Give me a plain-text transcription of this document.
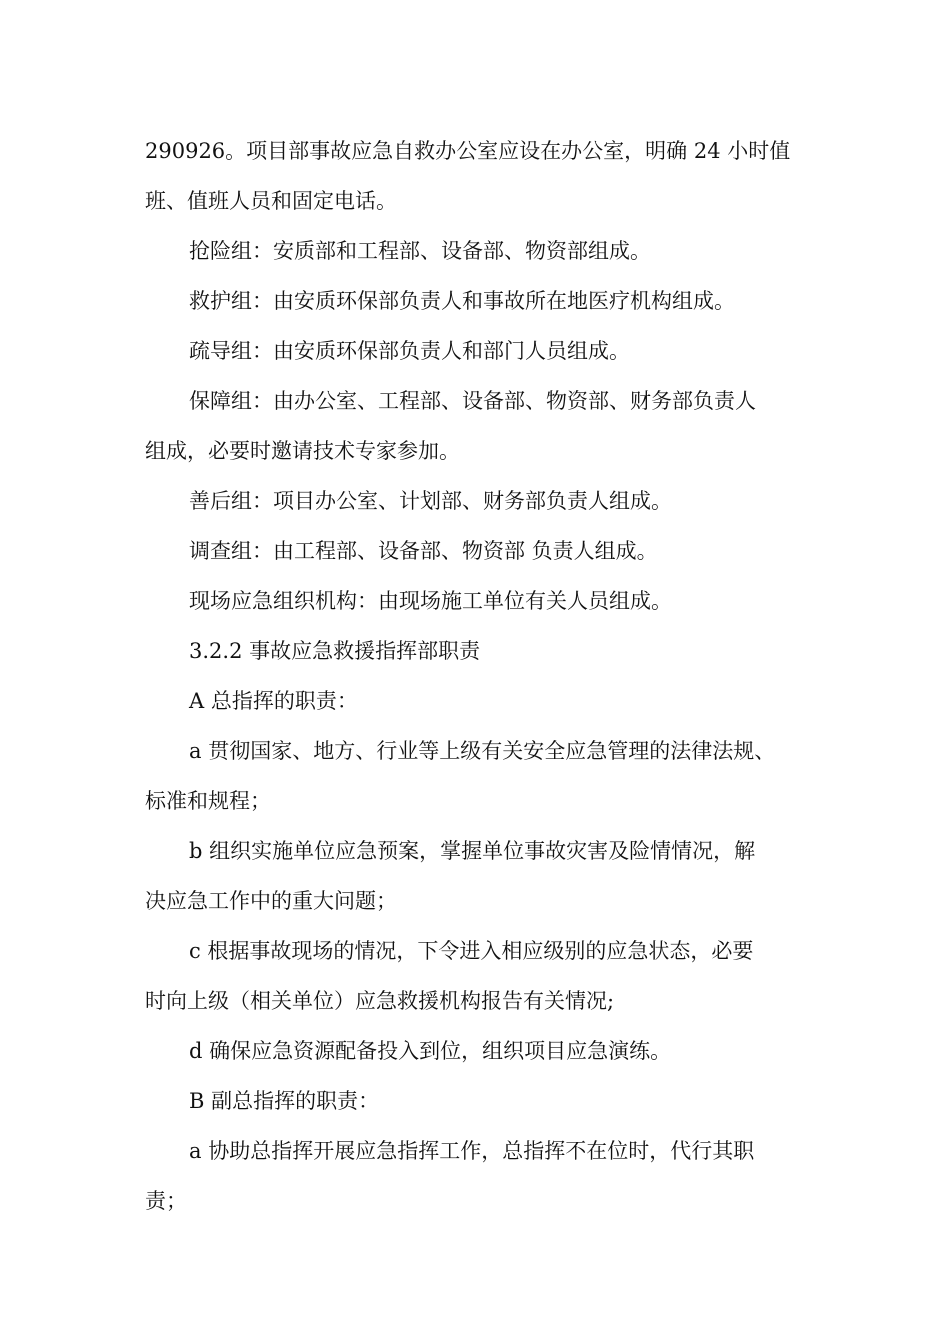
290926。项目部事故应急自救办公室应设在办公室，明确 24 小时值
班、值班人员和固定电话。
抢险组：安质部和工程部、设备部、物资部组成。
救护组：由安质环保部负责人和事故所在地医疗机构组成。
疏导组：由安质环保部负责人和部门人员组成。
保障组：由办公室、工程部、设备部、物资部、财务部负责人
组成，必要时邀请技术专家参加。
善后组：项目办公室、计划部、财务部负责人组成。
调查组：由工程部、设备部、物资部 负责人组成。
现场应急组织机构：由现场施工单位有关人员组成。
3.2.2 事故应急救援指挥部职责
A 总指挥的职责：
a 贯彻国家、地方、行业等上级有关安全应急管理的法律法规、
标准和规程；
b 组织实施单位应急预案，掌握单位事故灾害及险情情况，解
决应急工作中的重大问题；
c 根据事故现场的情况，下令进入相应级别的应急状态，必要
时向上级（相关单位）应急救援机构报告有关情况;
d 确保应急资源配备投入到位，组织项目应急演练。
B 副总指挥的职责：
a 协助总指挥开展应急指挥工作，总指挥不在位时，代行其职
责；
